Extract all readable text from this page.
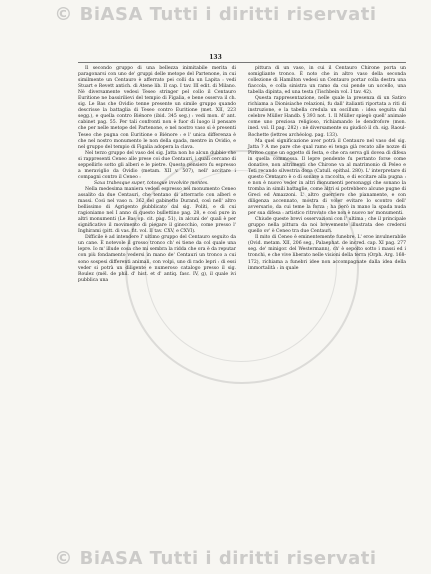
© BiASA Tutti i diritti riservati
133

Il secondo gruppo di una bellezza inimitabile merita di paragonarsi con uno de' gruppi delle metope del Partenone, in cui similmente un Centauro è afferrato pei colli da un Lapita : vedi Stuart e Revett antich. di Atene lib. II cap. I tav. III edit. di Milano. Nè diversamente vedesi Teseo stringer pel collo il Centauro Euritione ne bassirilievi del tempio di Figalia, e bene osserva il ch. sig. Le Bas che Ovidio tenne presente un simile gruppo quando descrisse la battaglia di Teseo contro Euritione (met. XII, 223 segg.), e quella contro Biénore (ibid. 345 seg.) : vedi mon. d' ant. cabinet pag. 55. Per tali confronti non è fuor di luogo il pensare che per nelle metope del Partenone, e nel nostro vaso si è presenti Teseo che pugna con Euritione o Biénore : e l' unica differenza è che nel nostro monumento le non della spada, mentre in Ovidio, e nel gruppo del tempio di Figalia adopera la clava.

Nel terzo gruppo del vaso del sig. Jatta non ho alcun dubbio che si rappresenti Ceneo alle prese coi due Centauri, i quali cercano di seppellirlo sotto gli alberi e le pietre. Questo pensiero fu espresso a meraviglio da Ovidio (metam. XII v. 507), nell' accitare i compagni contro il Ceneo :

Saxa trabesque super, totosque involvite montes.

Nella medesima maniera vedesi espresso nel monumento Ceneo assalito da due Centauri, che tentano di atterrarlo con alberi e massi. Così nel vaso n. 362 del gabinetto Durand, così nell' altro bellissimo di Agrigento pubblicato dal sig. Politi, e di cui ragioniamo nel I anno di questo bullettino pag. 28, e così pure in altri monumenti (Le Bas op. cit. pag. 51), in alcuni de' quali è per significativo il movimento di piegare il ginocchio, come presso l' Inghirami (pitt. di vas. fit. vol. II tav. CXV, e CXVI).

Difficile è ad intendere l' ultimo gruppo del Centauro seguito da un cane. È notevole il grosso tronco ch' ei tiene da col quale una lepre. Io m' illude cosa che mi sembra la ridda che ora è da reputar con più fondamento vedersi in mano de' Centauri un tronco a cui sono sospesi differenti animali, con volpi, uno di rado lepri : di essi veder si potrà un diligente e numeroso catalogo presso il sig. Roulez (mél. de phil. d' hist. et d' antiq. fasc. IV, g), il quale ivi pubblica una

pittura di un vaso, in cui il Centauro Chirone porta un somigliante tronco. È noto che in altro vaso della seconda collezione di Hamilton vedesi un Centauro portar colla destra una fiaccola, e colla sinistra un ramo da cui pende un uccello, una tabella dipinta, ed una testa (Tischbein vol. I tav. 42).

Questa rappresentazione, nelle quale la presenza di un Satiro richiama a Dionisiache relazioni, fu dall' italianti riportata a riti di instruzione, e la tabella credula un oscillum : idea seguita dal celebre Müller Handb. § 393 not. 1. Il Müller spiegò quell' animale come uno preziosa religioso, richiamando le dendrofore (mon. ined. vol. II pag. 282) : nè diversamente su giudicò il ch. sig. Raoul-Rochette (lettres archéolog. pag. 133).

Ma quel significazione aver potrà il Centauro nel vaso del sig. Jatta ? A me pare che qual ramo ei tenga già recato alle nozze di Piritoo come un oggetto di festa, e che ora serva gli dovea di difesa in quella commossa. Il lepre pendente fu pertanto forse come donative, non altrimenti che Chirone va al matrimonio di Peleo e Teti recando silvestria dona (Catull. epithal. 280). L' interpretare di questo Centauro è o di sonare a raccolta, e di eccitare alla pugna : e non è nuovo veder in altri monumenti personaggi che sonano la tromba in simili battaglie, come altri si potrebbero alcune pugne di Greci ed Amazzoni. L' altro guerriero che pianamente, e con diligenza accennato, mostra di voler evitare lo scontro dell' avversario, da cui teme la forza ; ha però in mano la spada nuda per sua difesa : artistico ritrovato che non è nuovo ne' monumenti.

Chiude queste brevi osservazioni con l' ultima ; che il principale gruppo nella pittura da noi brevemente illustrata dee credersi quello ov' è Ceneo tra due Centauri.

Il mito di Ceneo è eminentemente funebre. L' eroe invulnerabile (Ovid. metam. XII, 206 seg., Palaephat. de incred. cap. XI pag. 277 seg. de' minigor. del Westermann), ch' è sepolto sotto i massi ed i tronchi, e che vive liberato nelle visioni della terra (Orph. Arg. 168-172), richiama a funebri idee non accompagnate dalla idea della immortalità : in quale

© BiASA Tutti i diritti riservati
